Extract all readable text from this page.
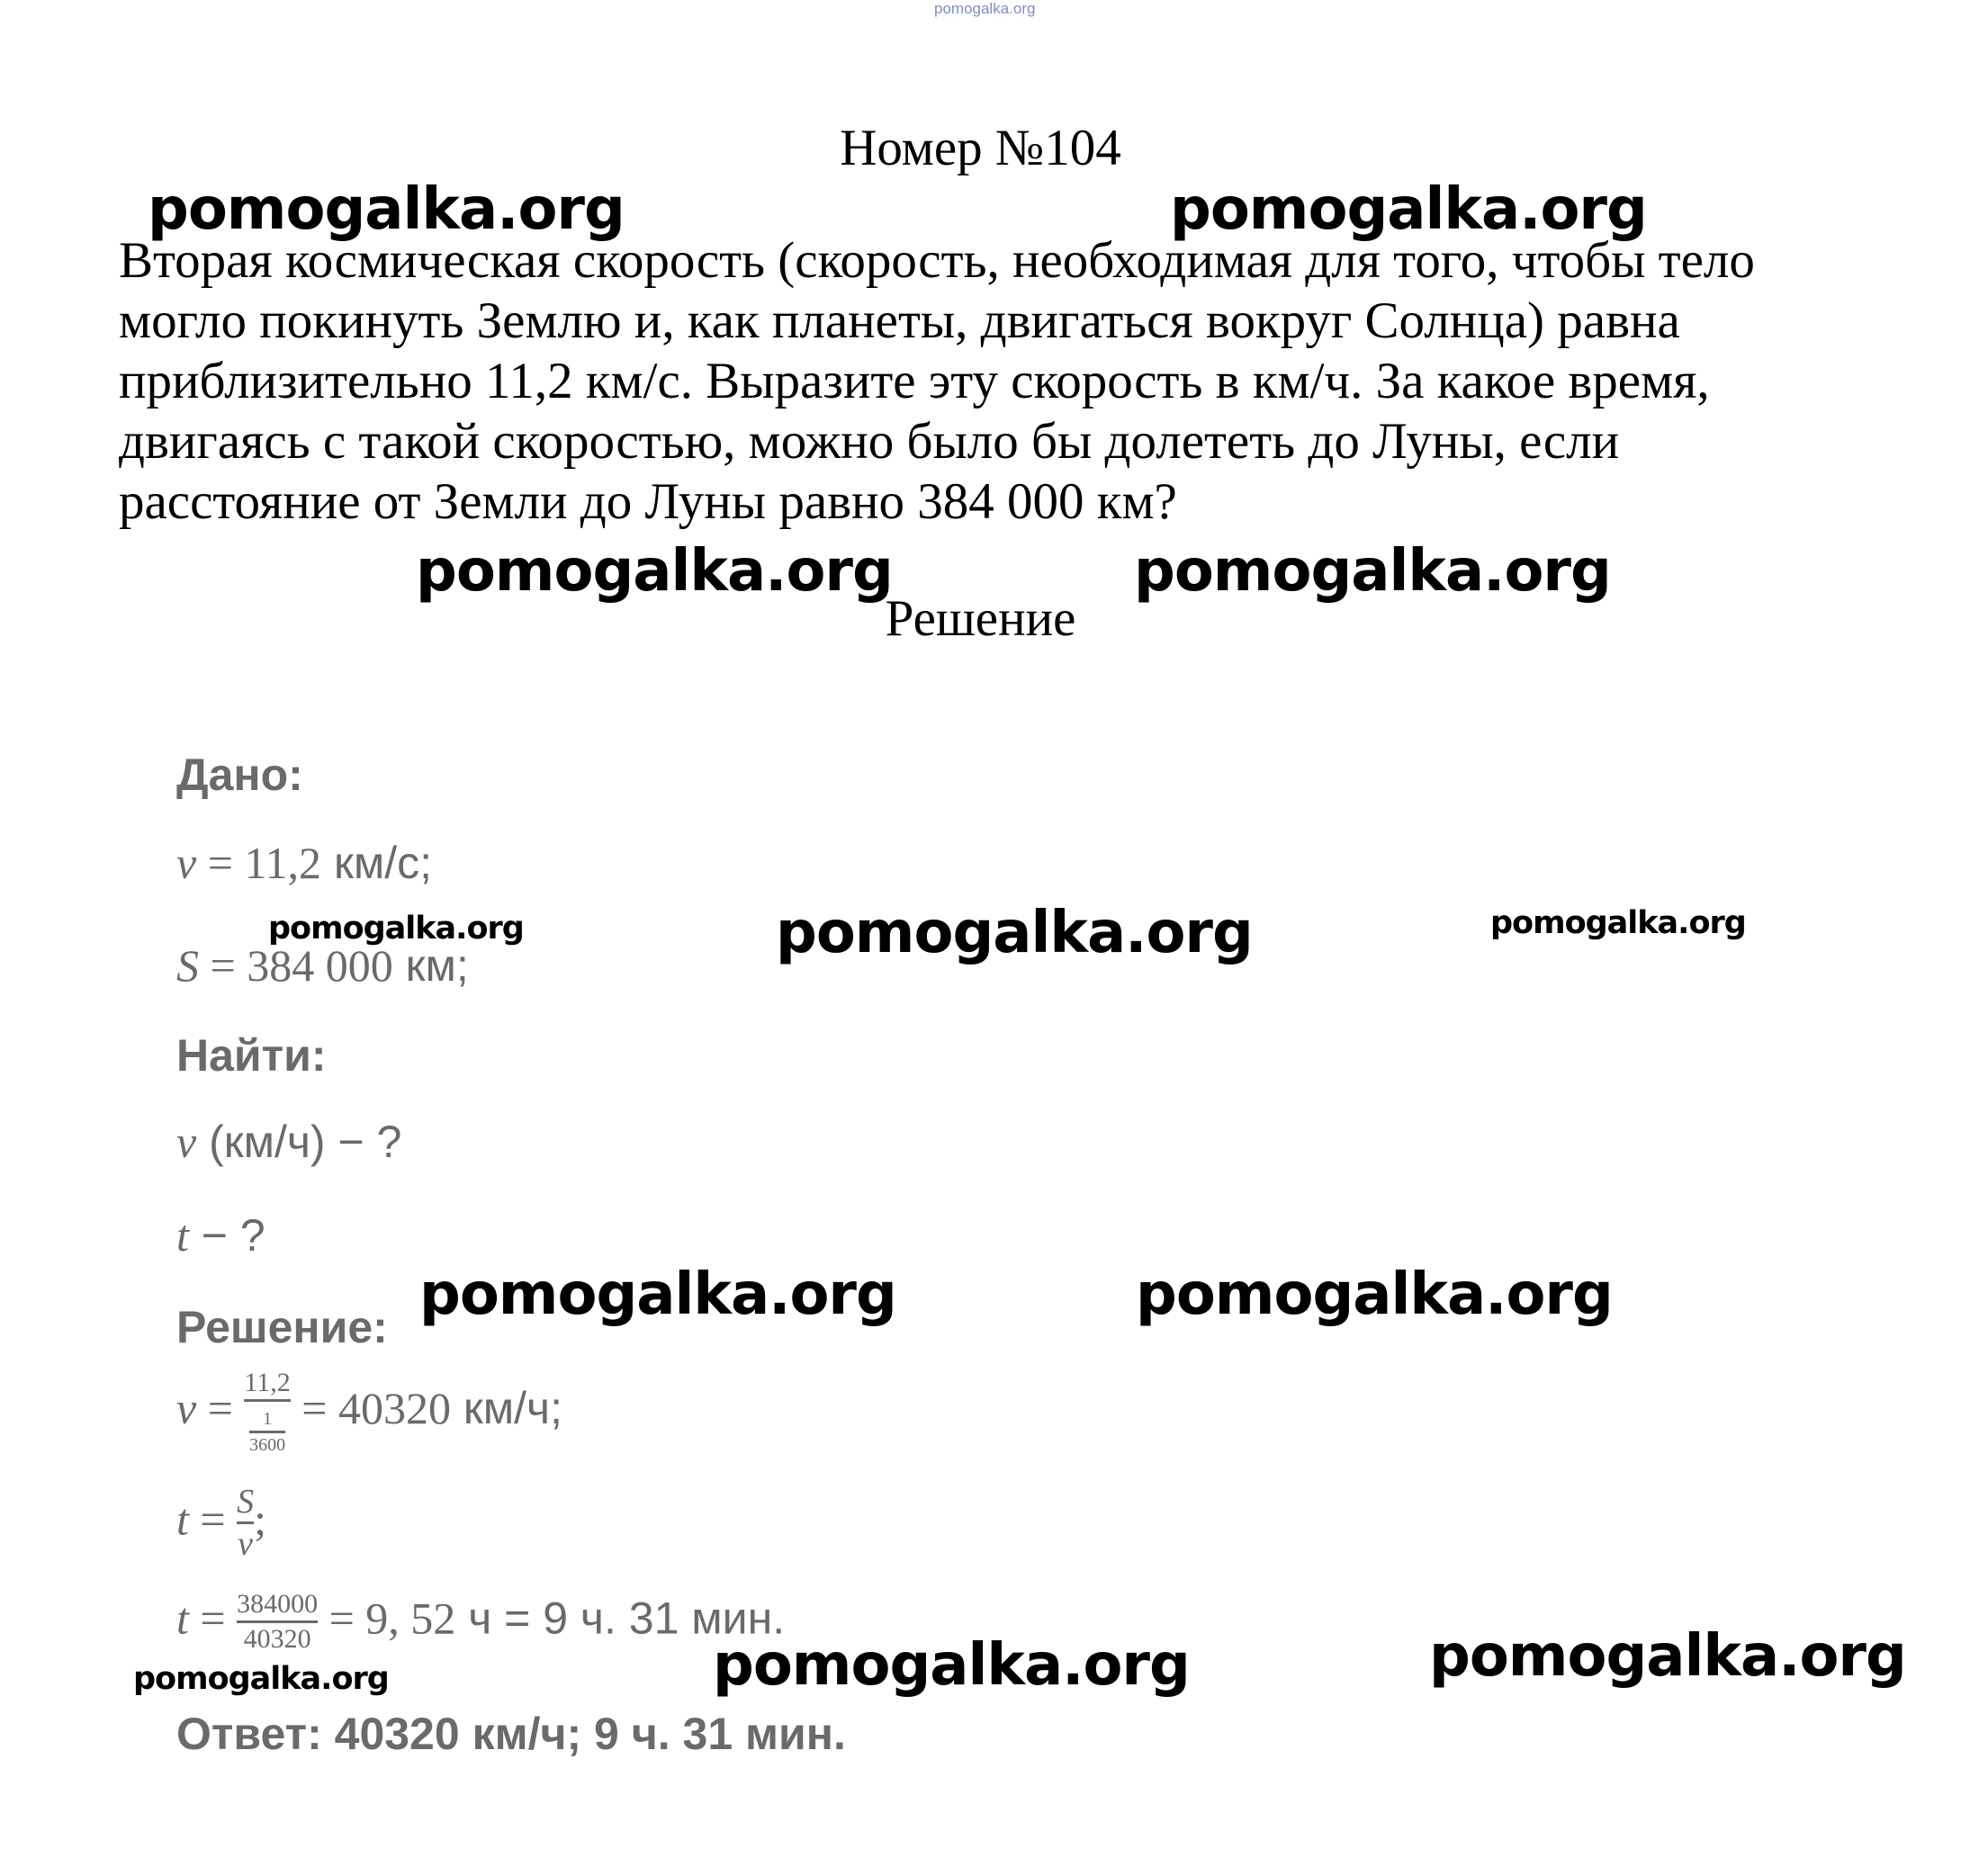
pomogalka.org
Номер №104
Вторая космическая скорость (скорость, необходимая для того, чтобы тело
могло покинуть Землю и, как планеты, двигаться вокруг Солнца) равна
приблизительно 11,2 км/с. Выразите эту скорость в км/ч. За какое время,
двигаясь с такой скоростью, можно было бы долететь до Луны, если
расстояние от Земли до Луны равно 384 000 км?
Решение
Дано:
v = 11,2 км/с;
S = 384 000 км;
Найти:
v (км/ч) − ?
t − ?
Решение:
$v = \frac{11,2}{\frac{1}{3600}} = 40320$ км/ч;
$t = \frac{S}{v}$ ;
$t = \frac{384000}{40320} = 9$, 52 ч = 9 ч. 31 мин.
Ответ: 40320 км/ч; 9 ч. 31 мин.
pomogalka.org	pomogalka.org
pomogalka.org	pomogalka.org
pomogalka.org	pomogalka.org	pomogalka.org
pomogalka.org	pomogalka.org
pomogalka.org	pomogalka.org	pomogalka.org
